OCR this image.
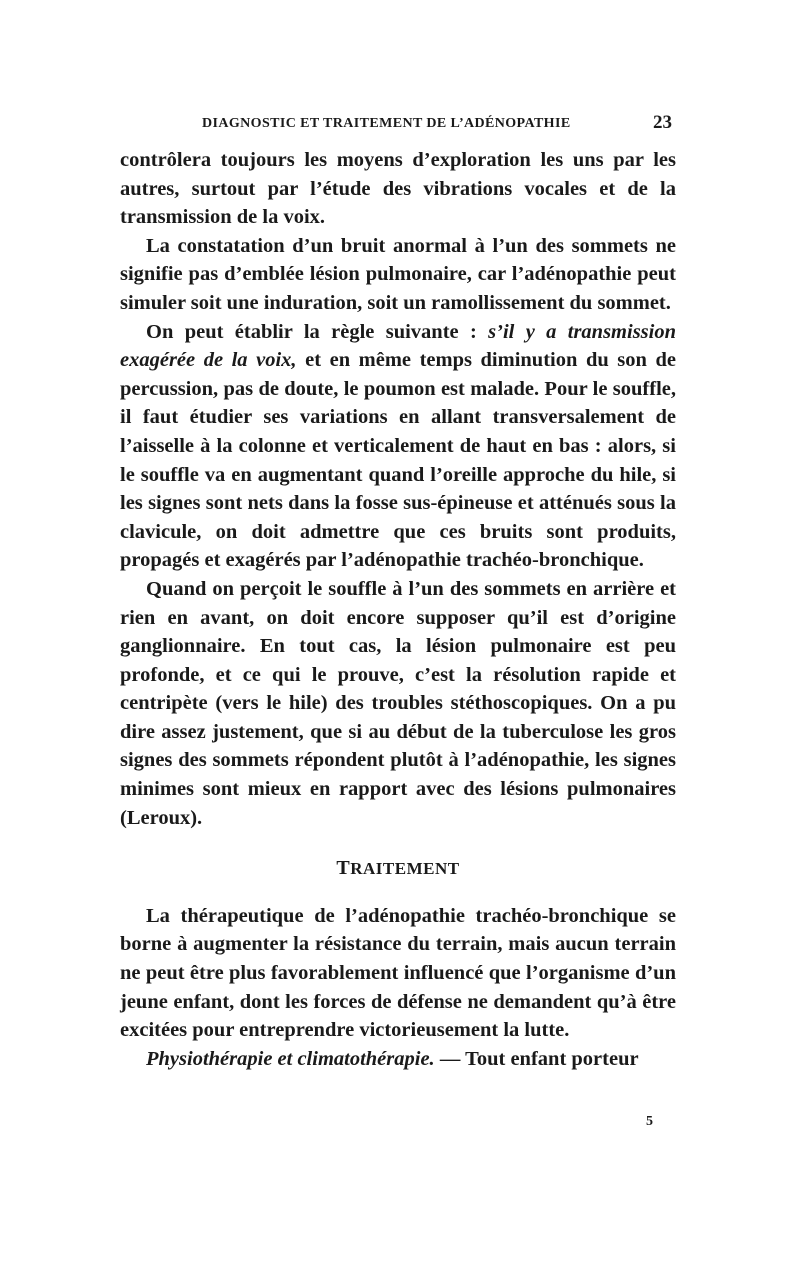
DIAGNOSTIC ET TRAITEMENT DE L’ADÉNOPATHIE	23

contrôlera toujours les moyens d’exploration les uns par les autres, surtout par l’étude des vibrations vocales et de la transmission de la voix.

La constatation d’un bruit anormal à l’un des sommets ne signifie pas d’emblée lésion pulmonaire, car l’adénopathie peut simuler soit une induration, soit un ramollissement du sommet.

On peut établir la règle suivante : s’il y a transmission exagérée de la voix, et en même temps diminution du son de percussion, pas de doute, le poumon est malade. Pour le souffle, il faut étudier ses variations en allant transversalement de l’aisselle à la colonne et verticalement de haut en bas : alors, si le souffle va en augmentant quand l’oreille approche du hile, si les signes sont nets dans la fosse sus-épineuse et atténués sous la clavicule, on doit admettre que ces bruits sont produits, propagés et exagérés par l’adénopathie trachéo-bronchique.

Quand on perçoit le souffle à l’un des sommets en arrière et rien en avant, on doit encore supposer qu’il est d’origine ganglionnaire. En tout cas, la lésion pulmonaire est peu profonde, et ce qui le prouve, c’est la résolution rapide et centripète (vers le hile) des troubles stéthoscopiques. On a pu dire assez justement, que si au début de la tuberculose les gros signes des sommets répondent plutôt à l’adénopathie, les signes minimes sont mieux en rapport avec des lésions pulmonaires (Leroux).

TRAITEMENT

La thérapeutique de l’adénopathie trachéo-bronchique se borne à augmenter la résistance du terrain, mais aucun terrain ne peut être plus favorablement influencé que l’organisme d’un jeune enfant, dont les forces de défense ne demandent qu’à être excitées pour entreprendre victorieusement la lutte.

Physiothérapie et climatothérapie. — Tout enfant porteur

5
